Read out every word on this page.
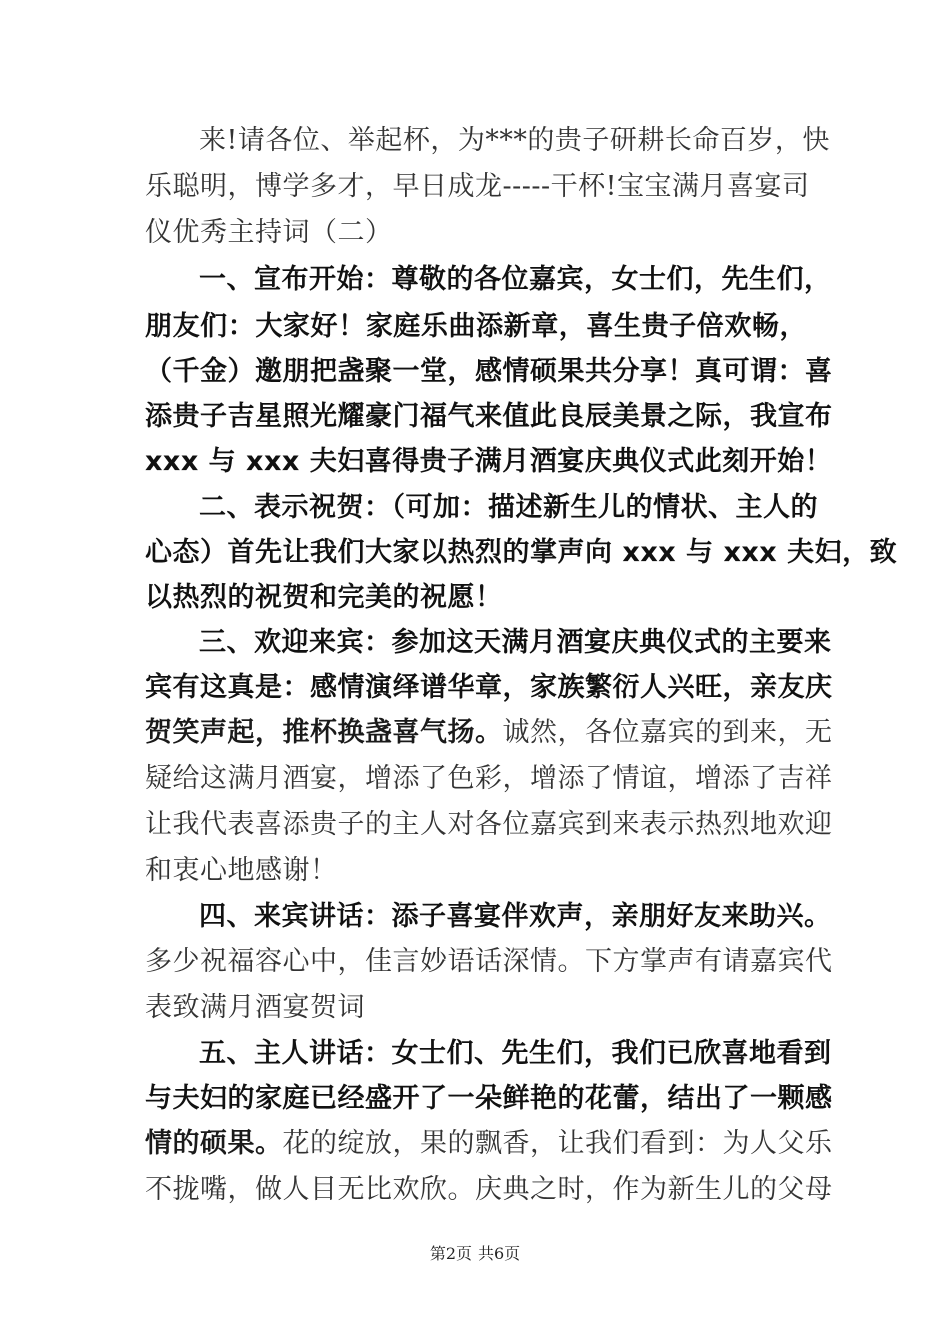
来!请各位、举起杯，为***的贵子研耕长命百岁，快
乐聪明，博学多才，早日成龙-----干杯!宝宝满月喜宴司
仪优秀主持词（二）
一、宣布开始：尊敬的各位嘉宾，女士们，先生们，
朋友们：大家好！家庭乐曲添新章，喜生贵子倍欢畅，
（千金）邀朋把盏聚一堂，感情硕果共分享！真可谓：喜
添贵子吉星照光耀豪门福气来值此良辰美景之际，我宣布
xxx 与 xxx 夫妇喜得贵子满月酒宴庆典仪式此刻开始！
二、表示祝贺：（可加：描述新生儿的情状、主人的
心态）首先让我们大家以热烈的掌声向 xxx 与 xxx 夫妇，致
以热烈的祝贺和完美的祝愿！
三、欢迎来宾：参加这天满月酒宴庆典仪式的主要来
宾有这真是：感情演绎谱华章，家族繁衍人兴旺，亲友庆
贺笑声起，推杯换盏喜气扬。诚然，各位嘉宾的到来，无
疑给这满月酒宴，增添了色彩，增添了情谊，增添了吉祥
让我代表喜添贵子的主人对各位嘉宾到来表示热烈地欢迎
和衷心地感谢！
四、来宾讲话：添子喜宴伴欢声，亲朋好友来助兴。
多少祝福容心中，佳言妙语话深情。下方掌声有请嘉宾代
表致满月酒宴贺词
五、主人讲话：女士们、先生们，我们已欣喜地看到
与夫妇的家庭已经盛开了一朵鲜艳的花蕾，结出了一颗感
情的硕果。花的绽放，果的飘香，让我们看到：为人父乐
不拢嘴，做人目无比欢欣。庆典之时，作为新生儿的父母
第2页 共6页
